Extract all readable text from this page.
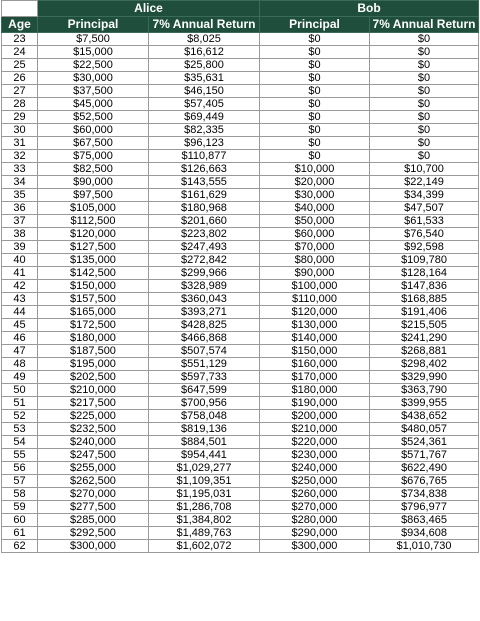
	Alice		Bob	
Age	Principal	7% Annual Return	Principal	7% Annual Return
23	$7,500	$8,025	$0	$0
24	$15,000	$16,612	$0	$0
25	$22,500	$25,800	$0	$0
26	$30,000	$35,631	$0	$0
27	$37,500	$46,150	$0	$0
28	$45,000	$57,405	$0	$0
29	$52,500	$69,449	$0	$0
30	$60,000	$82,335	$0	$0
31	$67,500	$96,123	$0	$0
32	$75,000	$110,877	$0	$0
33	$82,500	$126,663	$10,000	$10,700
34	$90,000	$143,555	$20,000	$22,149
35	$97,500	$161,629	$30,000	$34,399
36	$105,000	$180,968	$40,000	$47,507
37	$112,500	$201,660	$50,000	$61,533
38	$120,000	$223,802	$60,000	$76,540
39	$127,500	$247,493	$70,000	$92,598
40	$135,000	$272,842	$80,000	$109,780
41	$142,500	$299,966	$90,000	$128,164
42	$150,000	$328,989	$100,000	$147,836
43	$157,500	$360,043	$110,000	$168,885
44	$165,000	$393,271	$120,000	$191,406
45	$172,500	$428,825	$130,000	$215,505
46	$180,000	$466,868	$140,000	$241,290
47	$187,500	$507,574	$150,000	$268,881
48	$195,000	$551,129	$160,000	$298,402
49	$202,500	$597,733	$170,000	$329,990
50	$210,000	$647,599	$180,000	$363,790
51	$217,500	$700,956	$190,000	$399,955
52	$225,000	$758,048	$200,000	$438,652
53	$232,500	$819,136	$210,000	$480,057
54	$240,000	$884,501	$220,000	$524,361
55	$247,500	$954,441	$230,000	$571,767
56	$255,000	$1,029,277	$240,000	$622,490
57	$262,500	$1,109,351	$250,000	$676,765
58	$270,000	$1,195,031	$260,000	$734,838
59	$277,500	$1,286,708	$270,000	$796,977
60	$285,000	$1,384,802	$280,000	$863,465
61	$292,500	$1,489,763	$290,000	$934,608
62	$300,000	$1,602,072	$300,000	$1,010,730
